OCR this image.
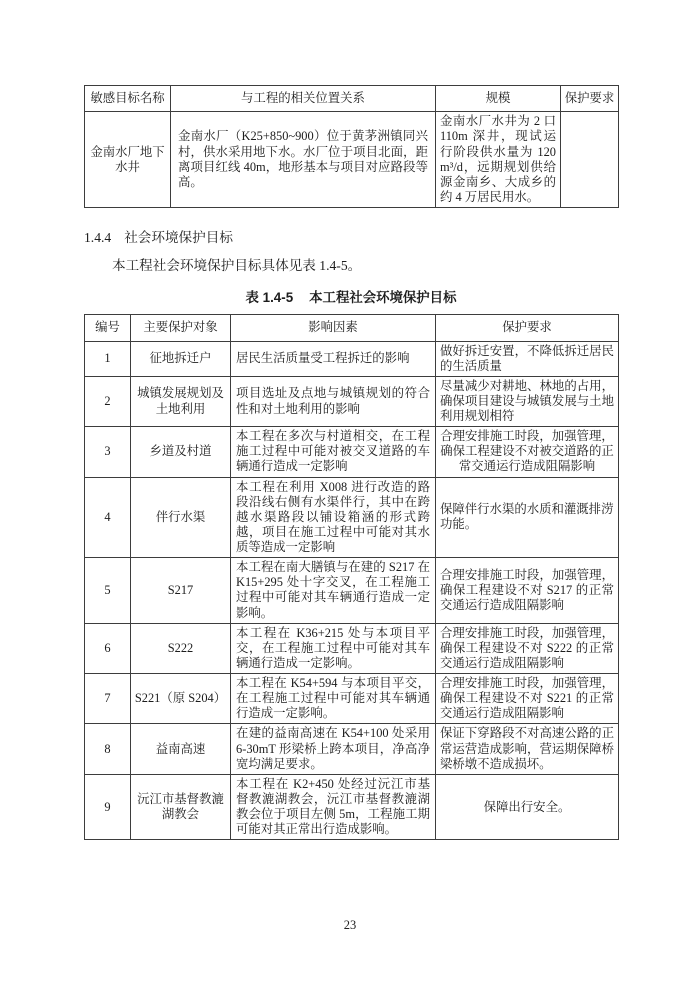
敏感目标名称	与工程的相关位置关系	规模	保护要求
金南水厂地下水井	金南水厂（K25+850~900）位于黄茅洲镇同兴村，供水采用地下水。水厂位于项目北面，距离项目红线 40m，地形基本与项目对应路段等高。	金南水厂水井为 2 口 110m 深井，现试运行阶段供水量为 120m³/d，远期规划供给源金南乡、大成乡的约 4 万居民用水。	
1.4.4 社会环境保护目标
本工程社会环境保护目标具体见表 1.4-5。
表 1.4-5 本工程社会环境保护目标
编号	主要保护对象	影响因素	保护要求
1	征地拆迁户	居民生活质量受工程拆迁的影响	做好拆迁安置，不降低拆迁居民的生活质量
2	城镇发展规划及土地利用	项目选址及点地与城镇规划的符合性和对土地利用的影响	尽量减少对耕地、林地的占用，确保项目建设与城镇发展与土地利用规划相符
3	乡道及村道	本工程在多次与村道相交，在工程施工过程中可能对被交叉道路的车辆通行造成一定影响	合理安排施工时段，加强管理，确保工程建设不对被交道路的正常交通运行造成阻隔影响
4	伴行水渠	本工程在利用 X008 进行改造的路段沿线右侧有水渠伴行，其中在跨越水渠路段以铺设箱涵的形式跨越，项目在施工过程中可能对其水质等造成一定影响	保障伴行水渠的水质和灌溉排涝功能。
5	S217	本工程在南大膳镇与在建的 S217 在 K15+295 处十字交叉，在工程施工过程中可能对其车辆通行造成一定影响。	合理安排施工时段，加强管理，确保工程建设不对 S217 的正常交通运行造成阻隔影响
6	S222	本工程在 K36+215 处与本项目平交，在工程施工过程中可能对其车辆通行造成一定影响。	合理安排施工时段，加强管理，确保工程建设不对 S222 的正常交通运行造成阻隔影响
7	S221（原 S204）	本工程在 K54+594 与本项目平交，在工程施工过程中可能对其车辆通行造成一定影响。	合理安排施工时段，加强管理，确保工程建设不对 S221 的正常交通运行造成阻隔影响
8	益南高速	在建的益南高速在 K54+100 处采用 6-30mT 形梁桥上跨本项目，净高净宽均满足要求。	保证下穿路段不对高速公路的正常运营造成影响，营运期保障桥梁桥墩不造成损坏。
9	沅江市基督教漉湖教会	本工程在 K2+450 处经过沅江市基督教漉湖教会，沅江市基督教漉湖教会位于项目左侧 5m，工程施工期可能对其正常出行造成影响。	保障出行安全。
23
